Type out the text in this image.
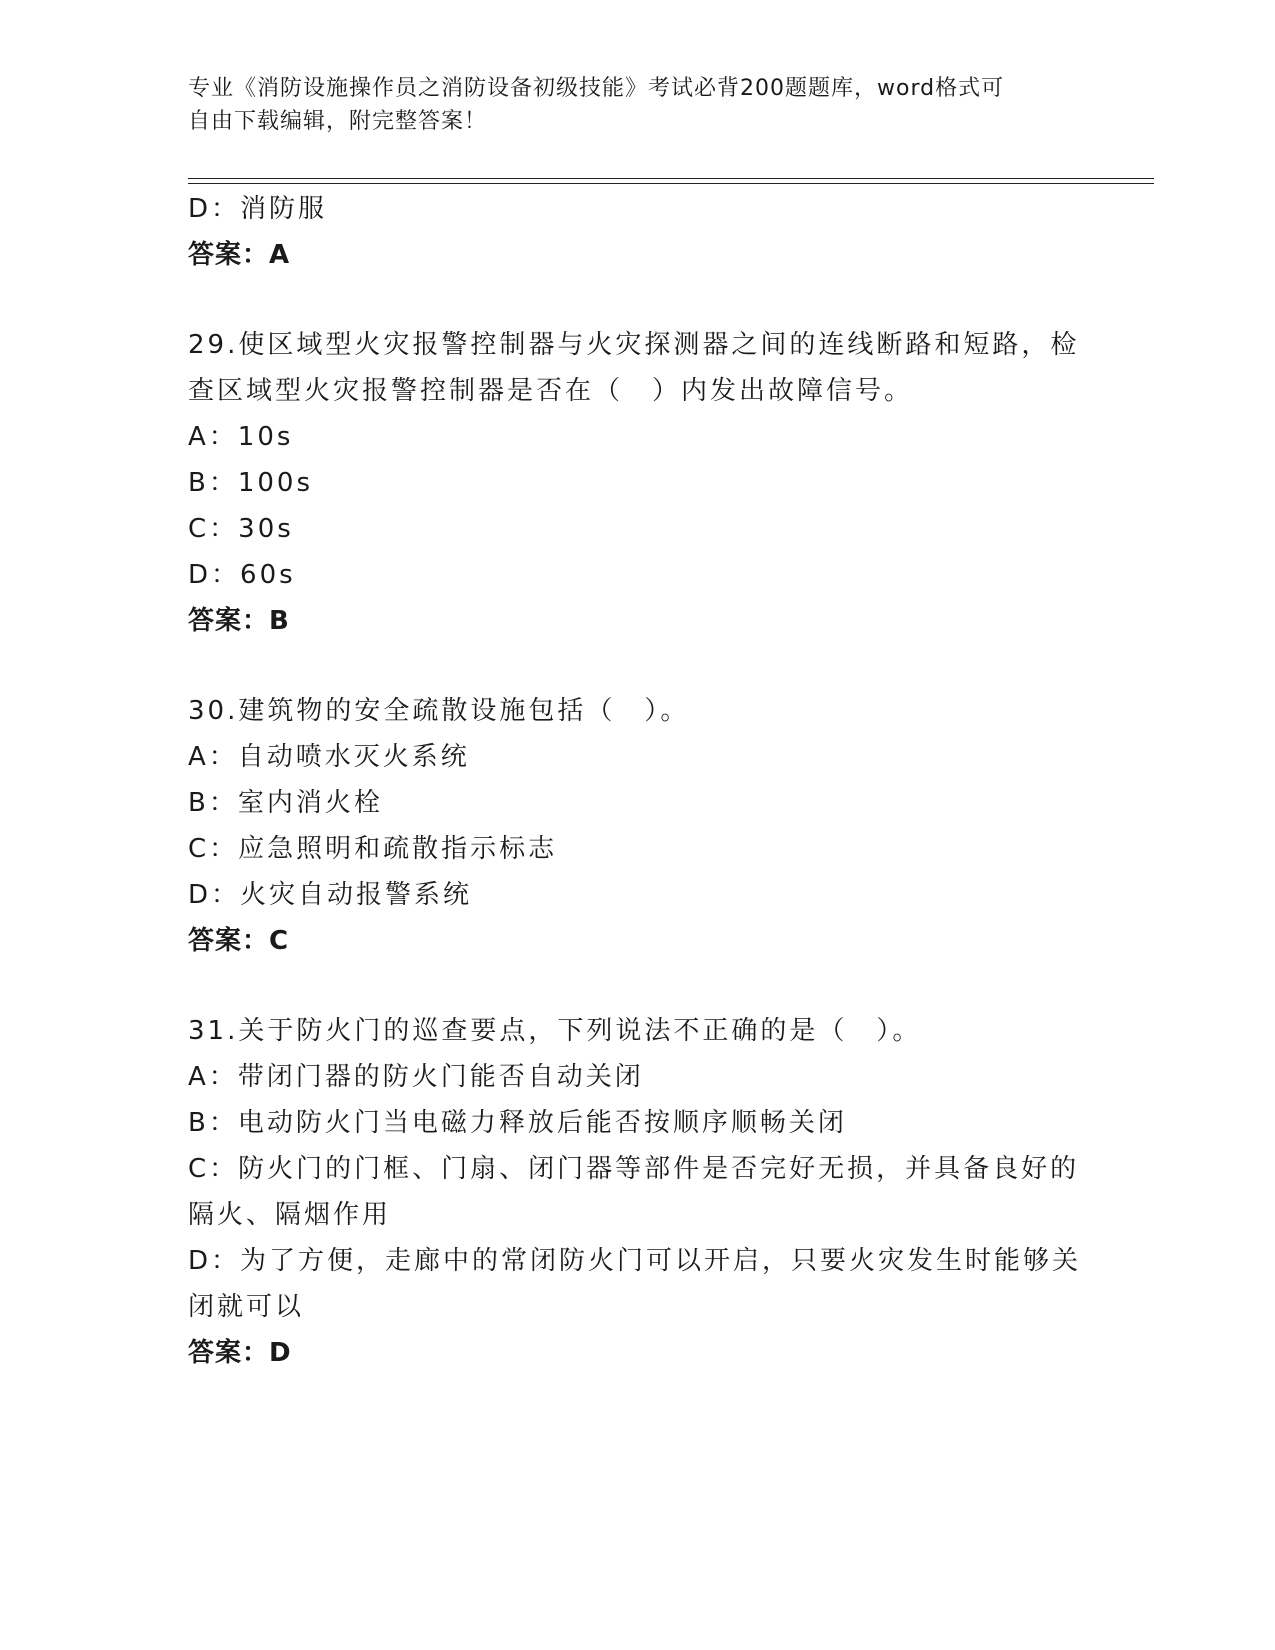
专业《消防设施操作员之消防设备初级技能》考试必背200题题库，word格式可
自由下载编辑，附完整答案！
D：消防服
答案：A
29.使区域型火灾报警控制器与火灾探测器之间的连线断路和短路，检
查区域型火灾报警控制器是否在（　）内发出故障信号。
A：10s
B：100s
C：30s
D：60s
答案：B
30.建筑物的安全疏散设施包括（　）。
A：自动喷水灭火系统
B：室内消火栓
C：应急照明和疏散指示标志
D：火灾自动报警系统
答案：C
31.关于防火门的巡查要点，下列说法不正确的是（　）。
A：带闭门器的防火门能否自动关闭
B：电动防火门当电磁力释放后能否按顺序顺畅关闭
C：防火门的门框、门扇、闭门器等部件是否完好无损，并具备良好的
隔火、隔烟作用
D：为了方便，走廊中的常闭防火门可以开启，只要火灾发生时能够关
闭就可以
答案：D
